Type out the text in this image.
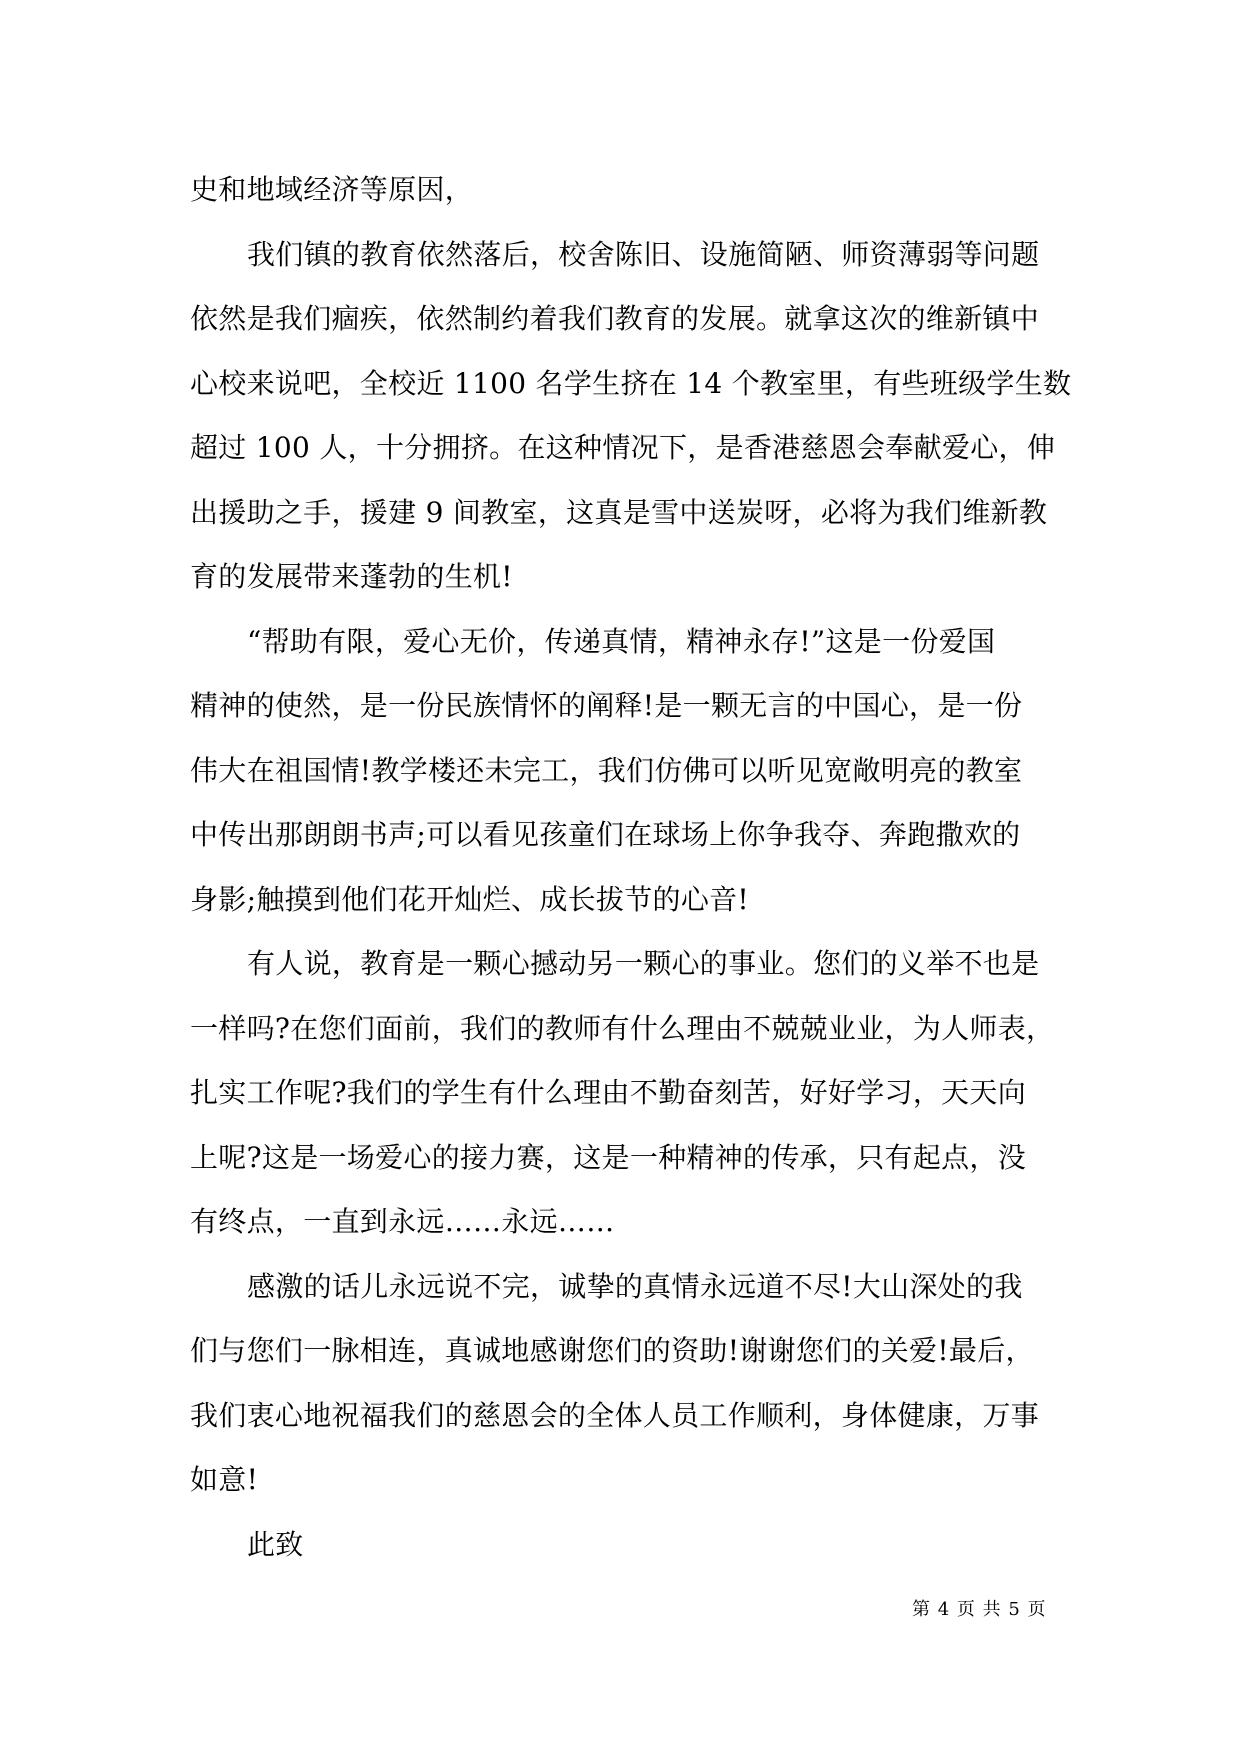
史和地域经济等原因，
我们镇的教育依然落后，校舍陈旧、设施简陋、师资薄弱等问题
依然是我们痼疾，依然制约着我们教育的发展。就拿这次的维新镇中
心校来说吧，全校近 1100 名学生挤在 14 个教室里，有些班级学生数
超过 100 人，十分拥挤。在这种情况下，是香港慈恩会奉献爱心，伸
出援助之手，援建 9 间教室，这真是雪中送炭呀，必将为我们维新教
育的发展带来蓬勃的生机!
“帮助有限，爱心无价，传递真情，精神永存!”这是一份爱国
精神的使然，是一份民族情怀的阐释!是一颗无言的中国心，是一份
伟大在祖国情!教学楼还未完工，我们仿佛可以听见宽敞明亮的教室
中传出那朗朗书声;可以看见孩童们在球场上你争我夺、奔跑撒欢的
身影;触摸到他们花开灿烂、成长拔节的心音!
有人说，教育是一颗心撼动另一颗心的事业。您们的义举不也是
一样吗?在您们面前，我们的教师有什么理由不兢兢业业，为人师表，
扎实工作呢?我们的学生有什么理由不勤奋刻苦，好好学习，天天向
上呢?这是一场爱心的接力赛，这是一种精神的传承，只有起点，没
有终点，一直到永远……永远……
感激的话儿永远说不完，诚挚的真情永远道不尽!大山深处的我
们与您们一脉相连，真诚地感谢您们的资助!谢谢您们的关爱!最后，
我们衷心地祝福我们的慈恩会的全体人员工作顺利，身体健康，万事
如意!
此致
第 4 页 共 5 页
